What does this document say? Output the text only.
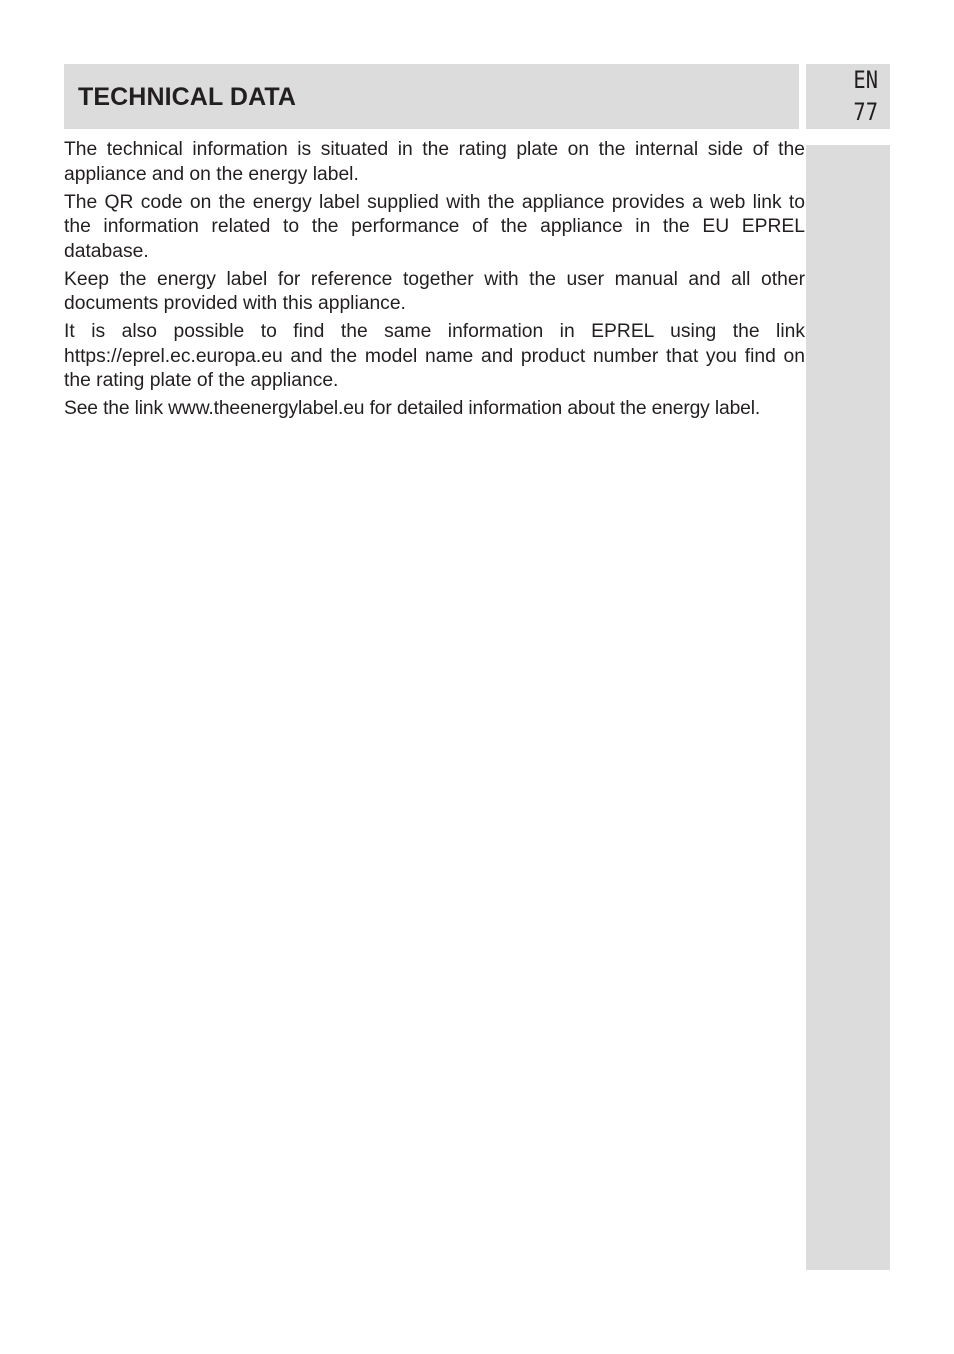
TECHNICAL DATA
EN
77

The technical information is situated in the rating plate on the internal side of the appliance and on the energy label.

The QR code on the energy label supplied with the appliance provides a web link to the information related to the performance of the appliance in the EU EPREL database.

Keep the energy label for reference together with the user manual and all other documents provided with this appliance.

It is also possible to find the same information in EPREL using the link https://eprel.ec.europa.eu and the model name and product number that you find on the rating plate of the appliance.

See the link www.theenergylabel.eu for detailed information about the energy label.
